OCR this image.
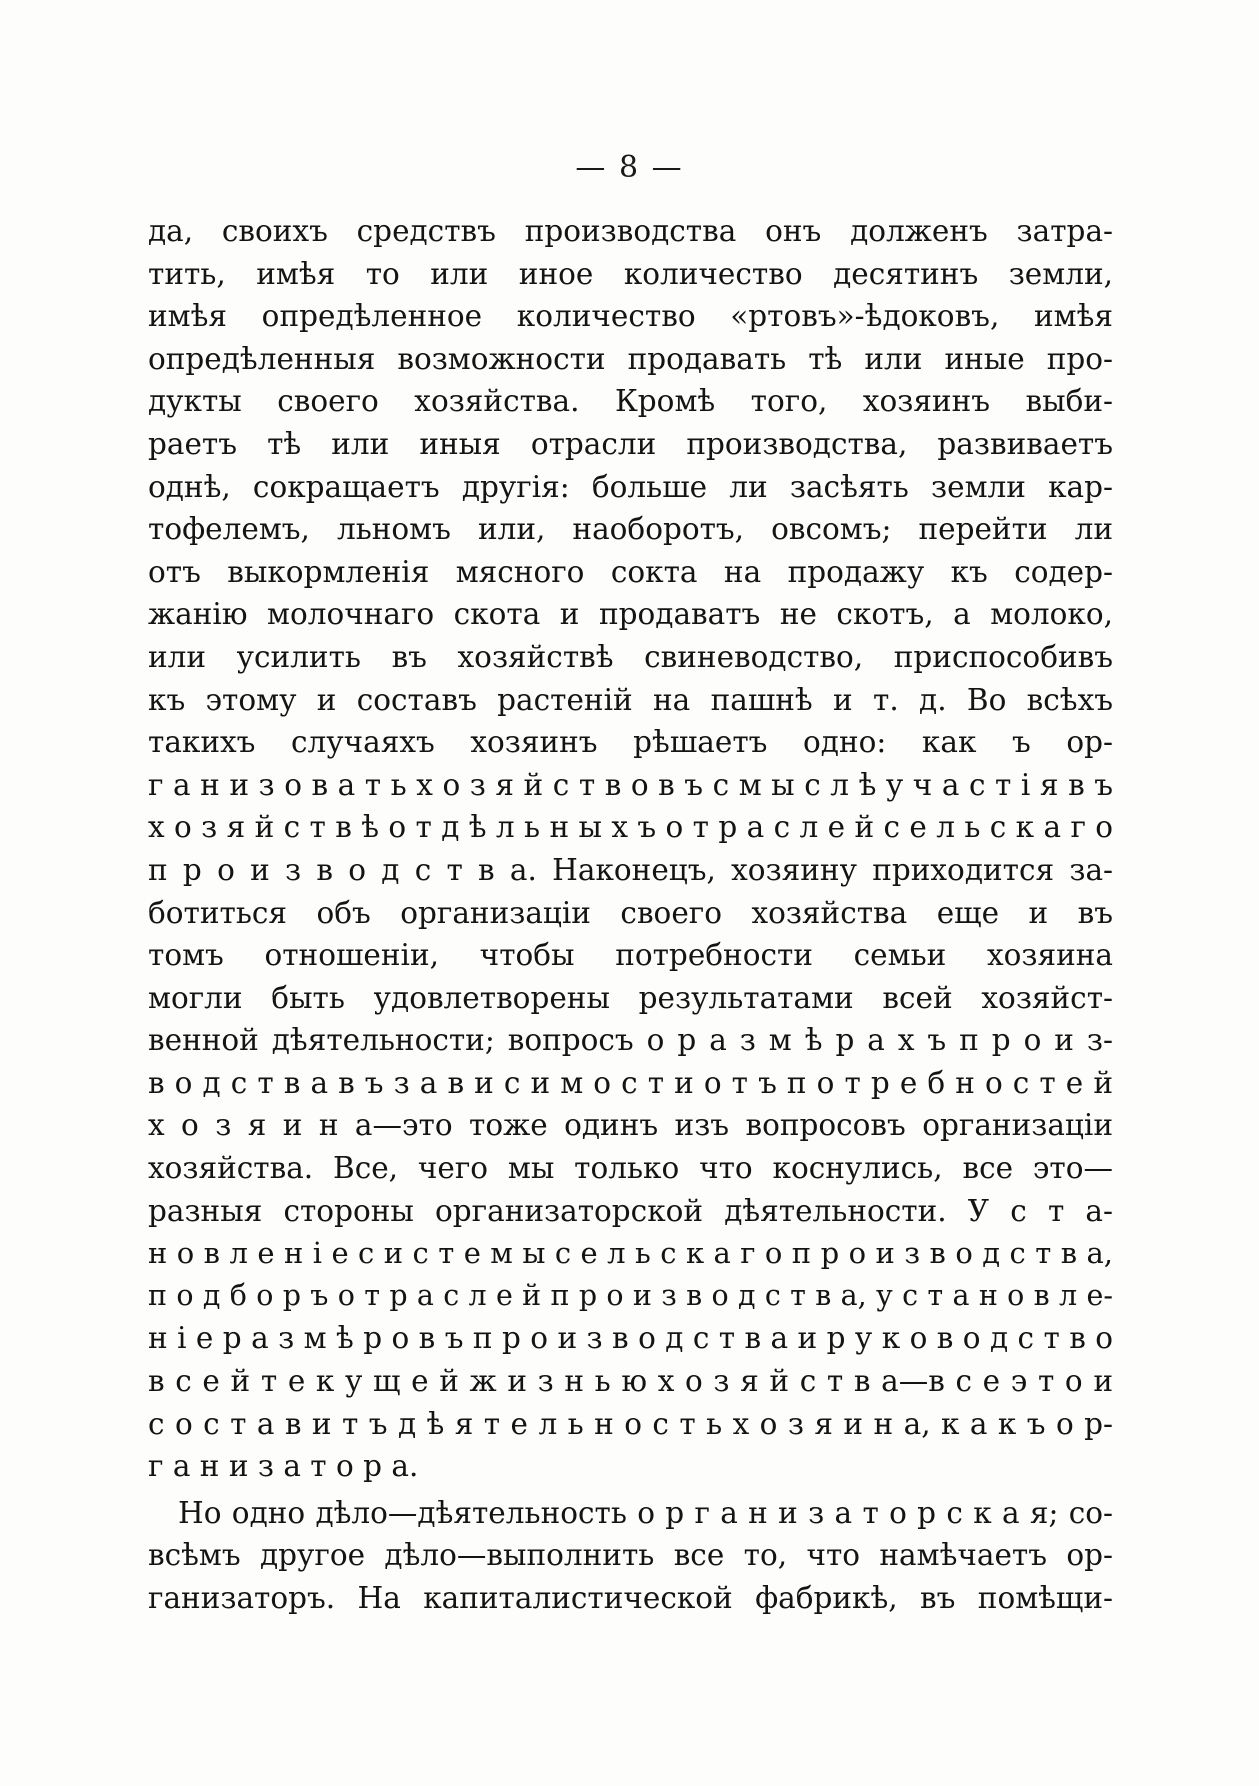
— 8 —
да, своихъ средствъ производства онъ долженъ затра-
тить, имѣя то или иное количество десятинъ земли,
имѣя опредѣленное количество «ртовъ»-ѣдоковъ, имѣя
опредѣленныя возможности продавать тѣ или иные про-
дукты своего хозяйства. Кромѣ того, хозяинъ выби-
раетъ тѣ или иныя отрасли производства, развиваетъ
однѣ, сокращаетъ другія: больше ли засѣять земли кар-
тофелемъ, льномъ или, наоборотъ, овсомъ; перейти ли
отъ выкормленія мясного сокта на продажу къ содер-
жанію молочнаго скота и продаватъ не скотъ, а молоко,
или усилить въ хозяйствѣ свиневодство, приспособивъ
къ этому и составъ растеній на пашнѣ и т. д. Во всѣхъ
такихъ случаяхъ хозяинъ рѣшаетъ одно: как ъ ор-
г а н и з о в а т ь х о з я й с т в о в ъ с м ы с л ѣ у ч а с т і я в ъ
х о з я й с т в ѣ о т д ѣ л ь н ы х ъ о т р а с л е й с е л ь с к а г о
п р о и з в о д с т в а. Наконецъ, хозяину приходится за-
ботиться объ организаціи своего хозяйства еще и въ
томъ отношеніи, чтобы потребности семьи хозяина
могли быть удовлетворены результатами всей хозяйст-
венной дѣятельности; вопросъ о р а з м ѣ р а х ъ п р о и з-
в о д с т в а в ъ з а в и с и м о с т и о т ъ п о т р е б н о с т е й
х о з я и н а—это тоже одинъ изъ вопросовъ организаціи
хозяйства. Все, чего мы только что коснулись, все это—
разныя стороны организаторской дѣятельности. У с т а-
н о в л е н і е с и с т е м ы с е л ь с к а г о п р о и з в о д с т в а,
п о д б о р ъ о т р а с л е й п р о и з в о д с т в а, у с т а н о в л е-
н і е р а з м ѣ р о в ъ п р о и з в о д с т в а и р у к о в о д с т в о
в с е й т е к у щ е й ж и з н ь ю х о з я й с т в а—в с е э т о и
с о с т а в и т ъ д ѣ я т е л ь н о с т ь х о з я и н а, к а к ъ о р-
г а н и з а т о р а.
Но одно дѣло—дѣятельность о р г а н и з а т о р с к а я; со-
всѣмъ другое дѣло—выполнить все то, что намѣчаетъ ор-
ганизаторъ. На капиталистической фабрикѣ, въ помѣщи-
